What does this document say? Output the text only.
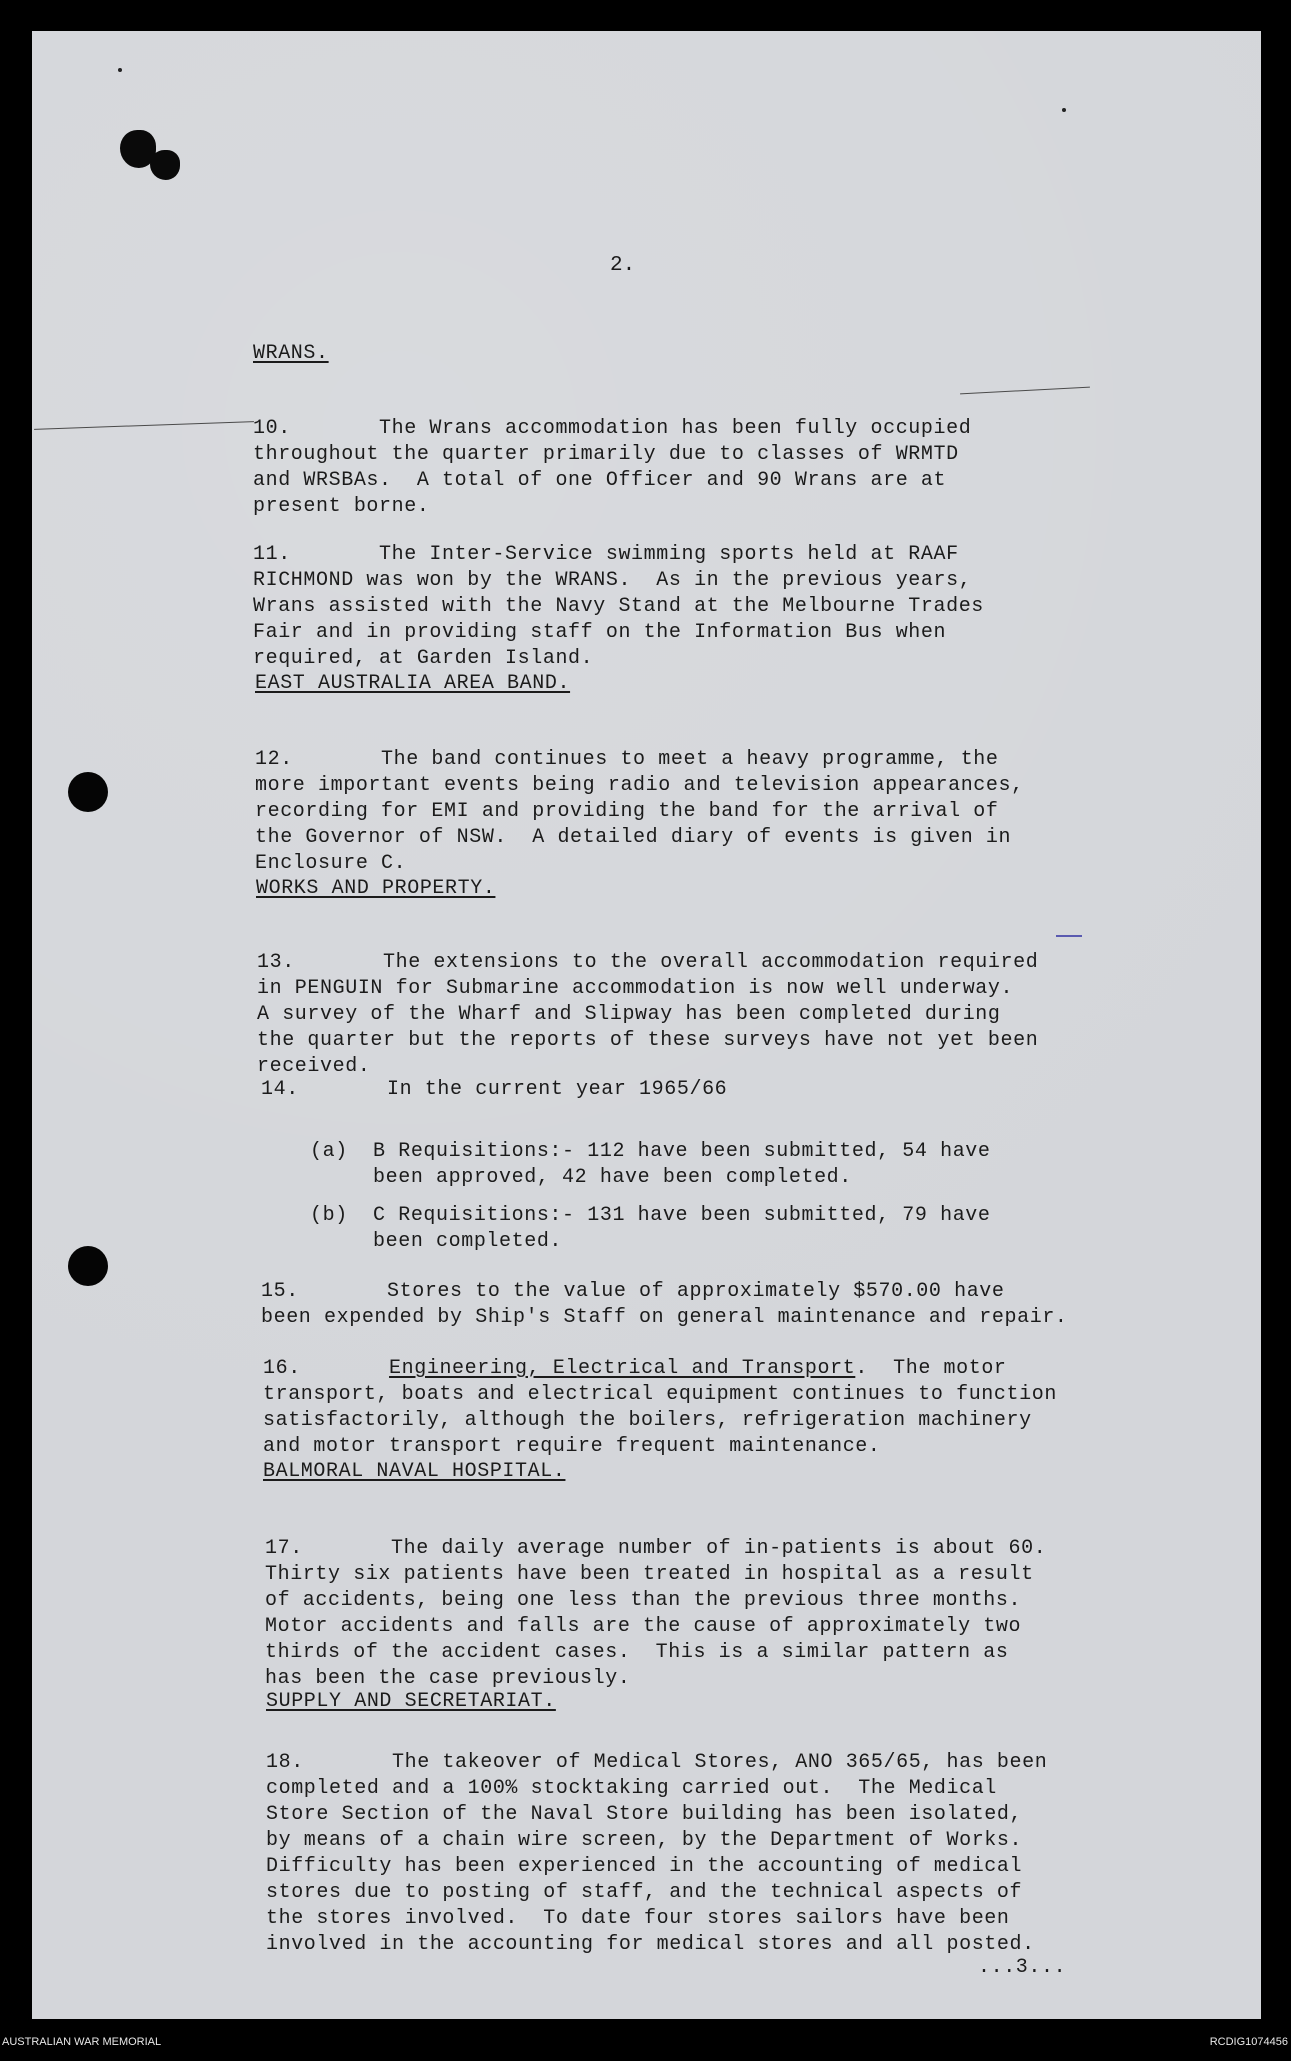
2.
WRANS.

10.       The Wrans accommodation has been fully occupied
throughout the quarter primarily due to classes of WRMTD
and WRSBAs.  A total of one Officer and 90 Wrans are at
present borne.

11.       The Inter-Service swimming sports held at RAAF
RICHMOND was won by the WRANS.  As in the previous years,
Wrans assisted with the Navy Stand at the Melbourne Trades
Fair and in providing staff on the Information Bus when
required, at Garden Island.

EAST AUSTRALIA AREA BAND.

12.       The band continues to meet a heavy programme, the
more important events being radio and television appearances,
recording for EMI and providing the band for the arrival of
the Governor of NSW.  A detailed diary of events is given in
Enclosure C.

WORKS AND PROPERTY.

13.       The extensions to the overall accommodation required
in PENGUIN for Submarine accommodation is now well underway.
A survey of the Wharf and Slipway has been completed during
the quarter but the reports of these surveys have not yet been
received.

14.       In the current year 1965/66

(a)  B Requisitions:- 112 have been submitted, 54 have
been approved, 42 have been completed.

(b)  C Requisitions:- 131 have been submitted, 79 have
been completed.

15.       Stores to the value of approximately $570.00 have
been expended by Ship's Staff on general maintenance and repair.

16.	Engineering, Electrical and Transport.  The motor
transport, boats and electrical equipment continues to function
satisfactorily, although the boilers, refrigeration machinery
and motor transport require frequent maintenance.

BALMORAL NAVAL HOSPITAL.

17.       The daily average number of in-patients is about 60.
Thirty six patients have been treated in hospital as a result
of accidents, being one less than the previous three months.
Motor accidents and falls are the cause of approximately two
thirds of the accident cases.  This is a similar pattern as
has been the case previously.

SUPPLY AND SECRETARIAT.

18.       The takeover of Medical Stores, ANO 365/65, has been
completed and a 100% stocktaking carried out.  The Medical
Store Section of the Naval Store building has been isolated,
by means of a chain wire screen, by the Department of Works.
Difficulty has been experienced in the accounting of medical
stores due to posting of staff, and the technical aspects of
the stores involved.  To date four stores sailors have been
involved in the accounting for medical stores and all posted.

...3...
AUSTRALIAN WAR MEMORIAL	RCDIG1074456
